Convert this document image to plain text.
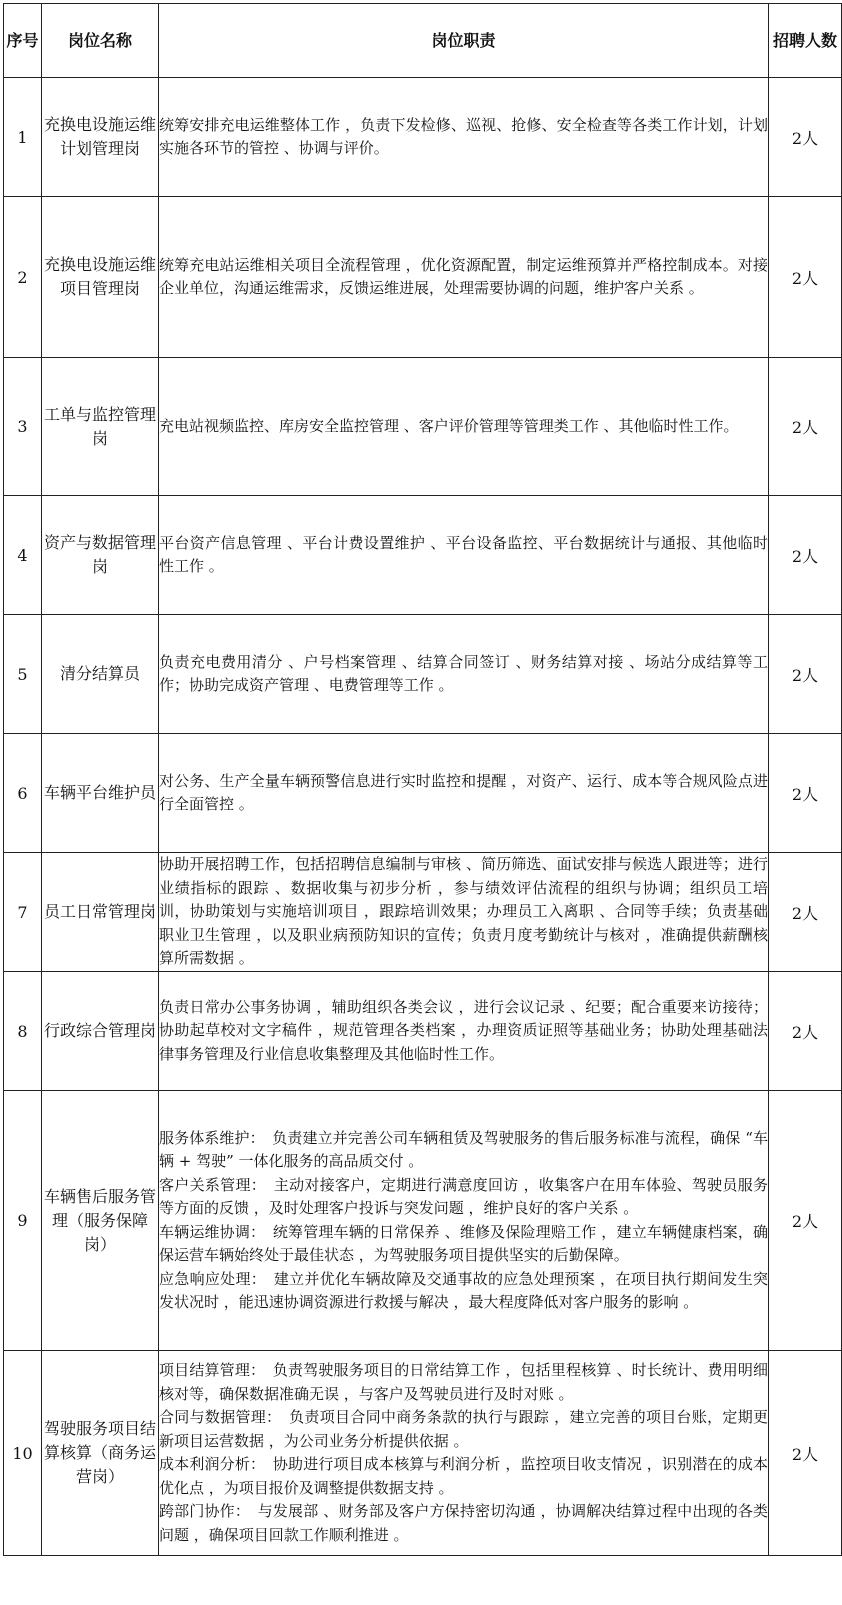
序号	岗位名称	岗位职责	招聘人数
1	充换电设施运维计划管理岗	统筹安排充电运维整体工作 ，负责下发检修、巡视、抢修、安全检查等各类工作计划，计划实施各环节的管控 、协调与评价。	2人
2	充换电设施运维项目管理岗	统筹充电站运维相关项目全流程管理 ，优化资源配置，制定运维预算并严格控制成本。对接企业单位，沟通运维需求，反馈运维进展，处理需要协调的问题，维护客户关系 。	2人
3	工单与监控管理岗	充电站视频监控、库房安全监控管理 、客户评价管理等管理类工作 、其他临时性工作。	2人
4	资产与数据管理岗	平台资产信息管理 、平台计费设置维护 、平台设备监控、平台数据统计与通报、其他临时性工作 。	2人
5	清分结算员	负责充电费用清分 、户号档案管理 、结算合同签订 、财务结算对接 、场站分成结算等工作；协助完成资产管理 、电费管理等工作 。	2人
6	车辆平台维护员	对公务、生产全量车辆预警信息进行实时监控和提醒 ，对资产、运行、成本等合规风险点进行全面管控 。	2人
7	员工日常管理岗	协助开展招聘工作，包括招聘信息编制与审核 、简历筛选、面试安排与候选人跟进等；进行业绩指标的跟踪 、数据收集与初步分析 ，参与绩效评估流程的组织与协调；组织员工培训，协助策划与实施培训项目 ，跟踪培训效果；办理员工入离职 、合同等手续；负责基础职业卫生管理 ，以及职业病预防知识的宣传；负责月度考勤统计与核对 ，准确提供薪酬核算所需数据 。	2人
8	行政综合管理岗	负责日常办公事务协调 ，辅助组织各类会议 ，进行会议记录 、纪要；配合重要来访接待；协助起草校对文字稿件 ，规范管理各类档案 ，办理资质证照等基础业务；协助处理基础法律事务管理及行业信息收集整理及其他临时性工作。	2人
9	车辆售后服务管理（服务保障岗）	服务体系维护：　负责建立并完善公司车辆租赁及驾驶服务的售后服务标准与流程，确保 “车辆 + 驾驶” 一体化服务的高品质交付 。
客户关系管理：　主动对接客户，定期进行满意度回访 ，收集客户在用车体验、驾驶员服务等方面的反馈 ，及时处理客户投诉与突发问题 ，维护良好的客户关系 。
车辆运维协调：　统筹管理车辆的日常保养 、维修及保险理赔工作 ，建立车辆健康档案，确保运营车辆始终处于最佳状态 ，为驾驶服务项目提供坚实的后勤保障。
应急响应处理：　建立并优化车辆故障及交通事故的应急处理预案 ，在项目执行期间发生突发状况时 ，能迅速协调资源进行救援与解决 ，最大程度降低对客户服务的影响 。	2人
10	驾驶服务项目结算核算（商务运营岗）	项目结算管理：　负责驾驶服务项目的日常结算工作 ，包括里程核算 、时长统计、费用明细核对等，确保数据准确无误 ，与客户及驾驶员进行及时对账 。
合同与数据管理：　负责项目合同中商务条款的执行与跟踪 ，建立完善的项目台账，定期更新项目运营数据 ，为公司业务分析提供依据 。
成本利润分析：　协助进行项目成本核算与利润分析 ，监控项目收支情况 ，识别潜在的成本优化点 ，为项目报价及调整提供数据支持 。
跨部门协作：　与发展部 、财务部及客户方保持密切沟通 ，协调解决结算过程中出现的各类问题 ，确保项目回款工作顺利推进 。	2人
